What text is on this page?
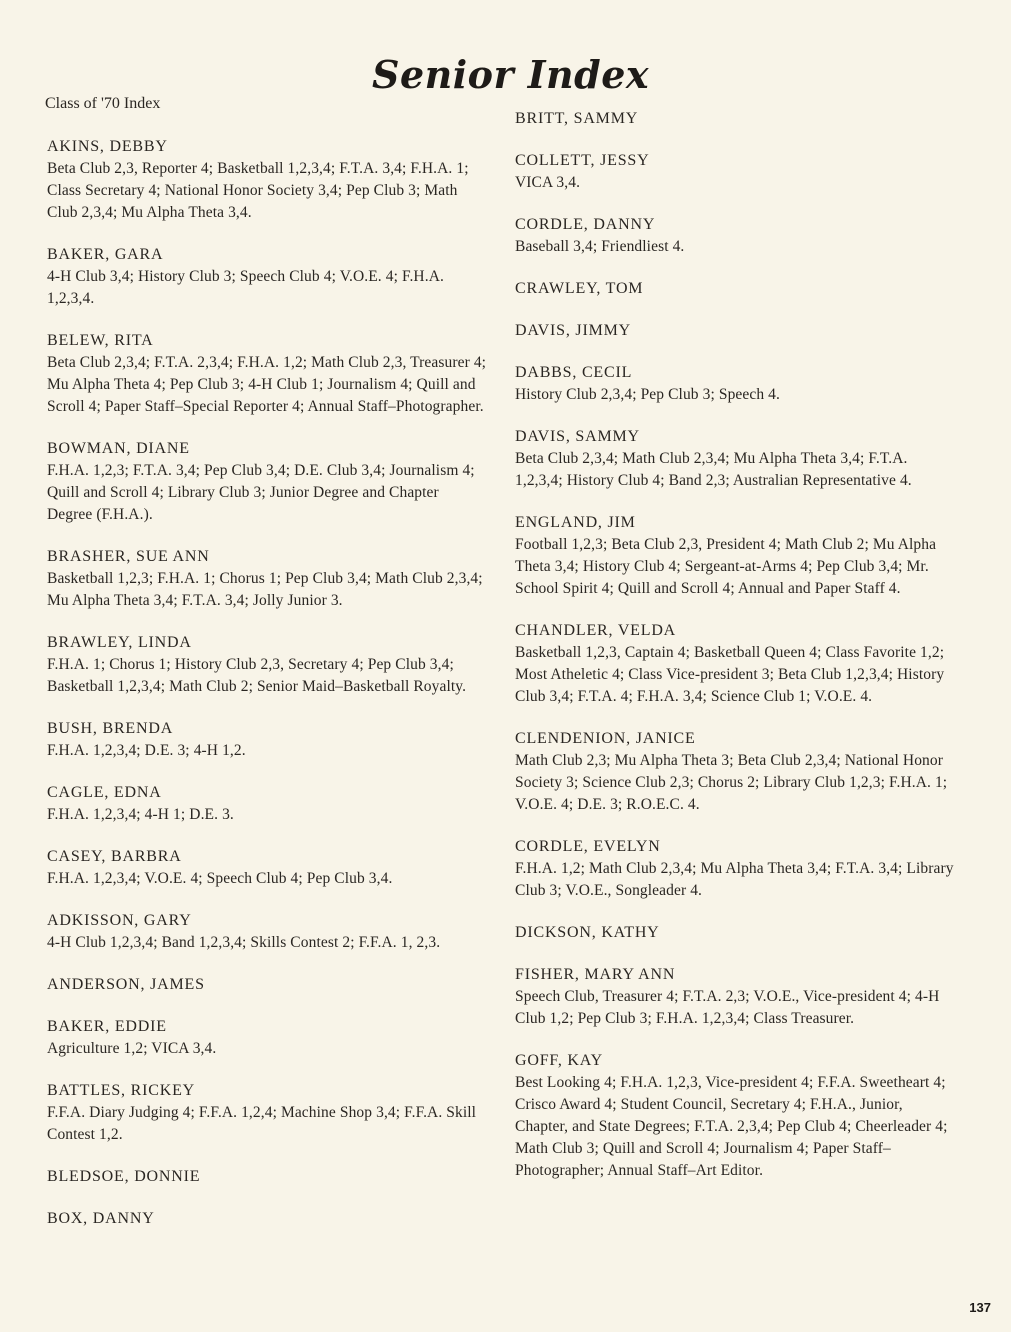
Senior Index
Class of '70 Index
AKINS, DEBBY
Beta Club 2,3, Reporter 4; Basketball 1,2,3,4; F.T.A. 3,4; F.H.A. 1; Class Secretary 4; National Honor Society 3,4; Pep Club 3; Math Club 2,3,4; Mu Alpha Theta 3,4.
BAKER, GARA
4-H Club 3,4; History Club 3; Speech Club 4; V.O.E. 4; F.H.A. 1,2,3,4.
BELEW, RITA
Beta Club 2,3,4; F.T.A. 2,3,4; F.H.A. 1,2; Math Club 2,3, Treasurer 4; Mu Alpha Theta 4; Pep Club 3; 4-H Club 1; Journalism 4; Quill and Scroll 4; Paper Staff–Special Reporter 4; Annual Staff–Photographer.
BOWMAN, DIANE
F.H.A. 1,2,3; F.T.A. 3,4; Pep Club 3,4; D.E. Club 3,4; Journalism 4; Quill and Scroll 4; Library Club 3; Junior Degree and Chapter Degree (F.H.A.).
BRASHER, SUE ANN
Basketball 1,2,3; F.H.A. 1; Chorus 1; Pep Club 3,4; Math Club 2,3,4; Mu Alpha Theta 3,4; F.T.A. 3,4; Jolly Junior 3.
BRAWLEY, LINDA
F.H.A. 1; Chorus 1; History Club 2,3, Secretary 4; Pep Club 3,4; Basketball 1,2,3,4; Math Club 2; Senior Maid–Basketball Royalty.
BUSH, BRENDA
F.H.A. 1,2,3,4; D.E. 3; 4-H 1,2.
CAGLE, EDNA
F.H.A. 1,2,3,4; 4-H 1; D.E. 3.
CASEY, BARBRA
F.H.A. 1,2,3,4; V.O.E. 4; Speech Club 4; Pep Club 3,4.
ADKISSON, GARY
4-H Club 1,2,3,4; Band 1,2,3,4; Skills Contest 2; F.F.A. 1, 2,3.
ANDERSON, JAMES
BAKER, EDDIE
Agriculture 1,2; VICA 3,4.
BATTLES, RICKEY
F.F.A. Diary Judging 4; F.F.A. 1,2,4; Machine Shop 3,4; F.F.A. Skill Contest 1,2.
BLEDSOE, DONNIE
BOX, DANNY
BRITT, SAMMY
COLLETT, JESSY
VICA 3,4.
CORDLE, DANNY
Baseball 3,4; Friendliest 4.
CRAWLEY, TOM
DAVIS, JIMMY
DABBS, CECIL
History Club 2,3,4; Pep Club 3; Speech 4.
DAVIS, SAMMY
Beta Club 2,3,4; Math Club 2,3,4; Mu Alpha Theta 3,4; F.T.A. 1,2,3,4; History Club 4; Band 2,3; Australian Representative 4.
ENGLAND, JIM
Football 1,2,3; Beta Club 2,3, President 4; Math Club 2; Mu Alpha Theta 3,4; History Club 4; Sergeant-at-Arms 4; Pep Club 3,4; Mr. School Spirit 4; Quill and Scroll 4; Annual and Paper Staff 4.
CHANDLER, VELDA
Basketball 1,2,3, Captain 4; Basketball Queen 4; Class Favorite 1,2; Most Atheletic 4; Class Vice-president 3; Beta Club 1,2,3,4; History Club 3,4; F.T.A. 4; F.H.A. 3,4; Science Club 1; V.O.E. 4.
CLENDENION, JANICE
Math Club 2,3; Mu Alpha Theta 3; Beta Club 2,3,4; National Honor Society 3; Science Club 2,3; Chorus 2; Library Club 1,2,3; F.H.A. 1; V.O.E. 4; D.E. 3; R.O.E.C. 4.
CORDLE, EVELYN
F.H.A. 1,2; Math Club 2,3,4; Mu Alpha Theta 3,4; F.T.A. 3,4; Library Club 3; V.O.E., Songleader 4.
DICKSON, KATHY
FISHER, MARY ANN
Speech Club, Treasurer 4; F.T.A. 2,3; V.O.E., Vice-president 4; 4-H Club 1,2; Pep Club 3; F.H.A. 1,2,3,4; Class Treasurer.
GOFF, KAY
Best Looking 4; F.H.A. 1,2,3, Vice-president 4; F.F.A. Sweetheart 4; Crisco Award 4; Student Council, Secretary 4; F.H.A., Junior, Chapter, and State Degrees; F.T.A. 2,3,4; Pep Club 4; Cheerleader 4; Math Club 3; Quill and Scroll 4; Journalism 4; Paper Staff–Photographer; Annual Staff–Art Editor.
137
